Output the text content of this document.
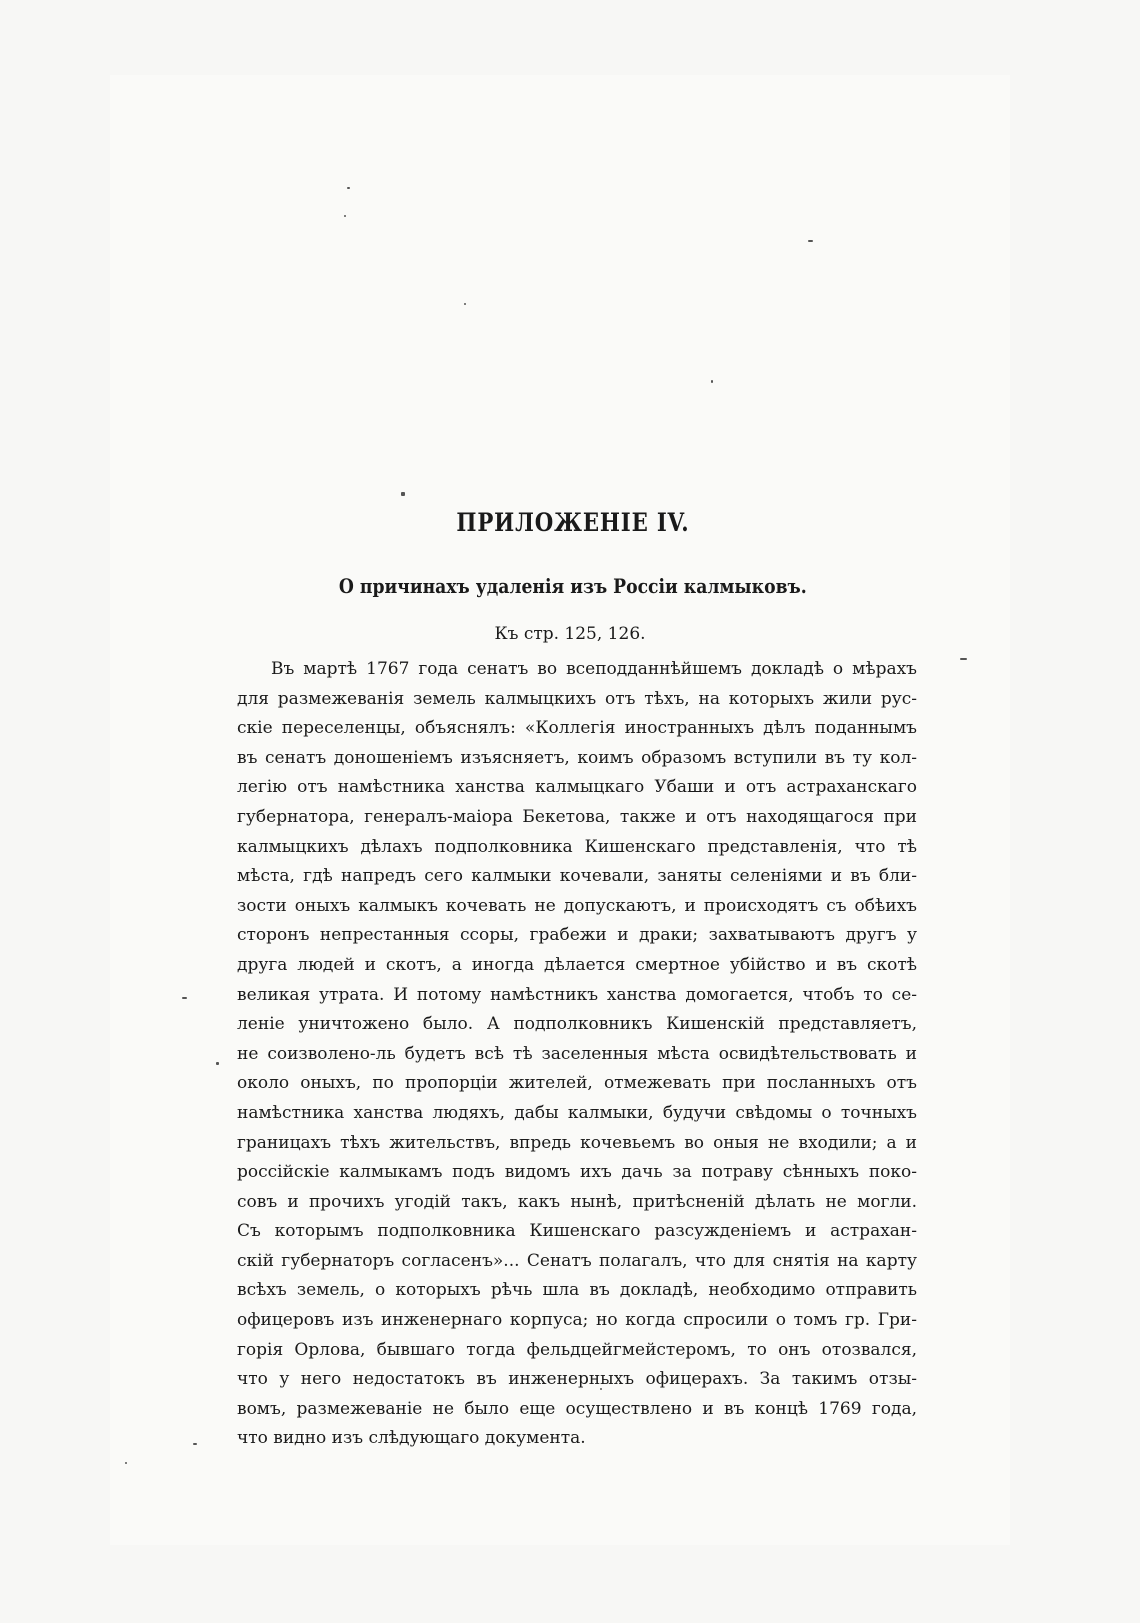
ПРИЛОЖЕНІЕ IV.
О причинахъ удаленія изъ Россіи калмыковъ.
Къ стр. 125, 126.
Въ мартѣ 1767 года сенатъ во всеподданнѣйшемъ докладѣ о мѣрахъ
для размежеванія земель калмыцкихъ отъ тѣхъ, на которыхъ жили рус-
скіе переселенцы, объяснялъ: «Коллегія иностранныхъ дѣлъ поданнымъ
въ сенатъ доношеніемъ изъясняетъ, коимъ образомъ вступили въ ту кол-
легію отъ намѣстника ханства калмыцкаго Убаши и отъ астраханскаго
губернатора, генералъ-маіора Бекетова, также и отъ находящагося при
калмыцкихъ дѣлахъ подполковника Кишенскаго представленія, что тѣ
мѣста, гдѣ напредъ сего калмыки кочевали, заняты селеніями и въ бли-
зости оныхъ калмыкъ кочевать не допускаютъ, и происходятъ съ обѣихъ
сторонъ непрестанныя ссоры, грабежи и драки; захватываютъ другъ у
друга людей и скотъ, а иногда дѣлается смертное убійство и въ скотѣ
великая утрата. И потому намѣстникъ ханства домогается, чтобъ то се-
леніе уничтожено было. А подполковникъ Кишенскій представляетъ,
не соизволено-ль будетъ всѣ тѣ заселенныя мѣста освидѣтельствовать и
около оныхъ, по пропорціи жителей, отмежевать при посланныхъ отъ
намѣстника ханства людяхъ, дабы калмыки, будучи свѣдомы о точныхъ
границахъ тѣхъ жительствъ, впредь кочевьемъ во оныя не входили; а и
россійскіе калмыкамъ подъ видомъ ихъ дачь за потраву сѣнныхъ поко-
совъ и прочихъ угодій такъ, какъ нынѣ, притѣсненій дѣлать не могли.
Съ которымъ подполковника Кишенскаго разсужденіемъ и астрахан-
скій губернаторъ согласенъ»... Сенатъ полагалъ, что для снятія на карту
всѣхъ земель, о которыхъ рѣчь шла въ докладѣ, необходимо отправить
офицеровъ изъ инженернаго корпуса; но когда спросили о томъ гр. Гри-
горія Орлова, бывшаго тогда фельдцейгмейстеромъ, то онъ отозвался,
что у него недостатокъ въ инженерныхъ офицерахъ. За такимъ отзы-
вомъ, размежеваніе не было еще осуществлено и въ концѣ 1769 года,
что видно изъ слѣдующаго документа.
